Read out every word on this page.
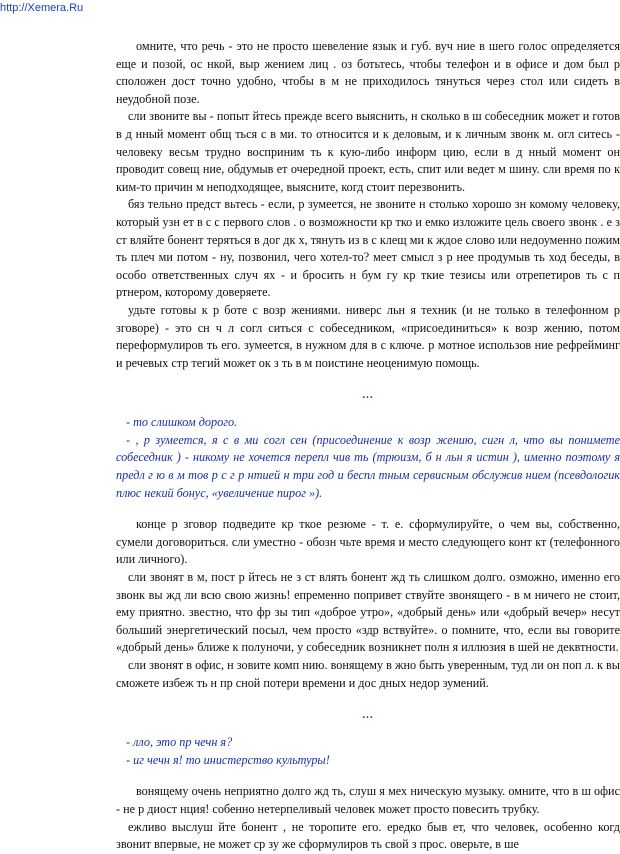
http://Xemera.Ru

омните, что речь - это не просто шевеление язык и губ. вуч ние в шего голос определяется еще и позой, ос нкой, выр жением лиц . оз ботьтесь, чтобы телефон и в офисе и дом был р сположен дост точно удобно, чтобы в м не приходилось тянуться через стол или сидеть в неудобной позе.

сли звоните вы - попыт йтесь прежде всего выяснить, н сколько в ш собеседник может и готов в д нный момент общ ться с в ми. то относится и к деловым, и к личным звонк м. огл ситесь - человеку весьм трудно восприним ть к кую-либо информ цию, если в д нный момент он проводит совещ ние, обдумыв ет очередной проект, есть, спит или ведет м шину. сли время по к ким-то причин м неподходящее, выясните, когд стоит перезвонить.

бяз тельно предст вьтесь - если, р зумеется, не звоните н столько хорошо зн комому человеку, который узн ет в с с первого слов . о возможности кр тко и емко изложите цель своего звонк . е з ст вляйте бонент теряться в дог дк х, тянуть из в с клещ ми к ждое слово или недоуменно пожим ть плеч ми потом - ну, позвонил, чего хотел-то? меет смысл з р нее продумыв ть ход беседы, в особо ответственных случ ях - и бросить н бум гу кр ткие тезисы или отрепетиров ть с п ртнером, которому доверяете.

удьте готовы к р боте с возр жениями. ниверс льн я техник (и не только в телефонном р зговоре) - это сн ч л согл ситься с собеседником, «присоединиться» к возр жению, потом переформулиров ть его. зумеется, в нужном для в с ключе. р мотное использов ние рефрейминг и речевых стр тегий может ок з ть в м поистине неоценимую помощь.

...

- то слишком дорого.

- , р зумеется, я с в ми согл сен (присоединение к возр жению, сигн л, что вы понимете собеседник ) - никому не хочется перепл чив ть (трюизм, б н льн я истин ), именно поэтому я предл г ю в м тов р с г р нтией н три год и беспл тным сервисным обслужив нием (псевдологик плюс некий бонус, «увеличение пирог »).

конце р зговор подведите кр ткое резюме - т. е. сформулируйте, о чем вы, собственно, сумели договориться. сли уместно - обозн чьте время и место следующего конт кт (телефонного или личного).

сли звонят в м, пост р йтесь не з ст влять бонент жд ть слишком долго. озможно, именно его звонк вы жд ли всю свою жизнь! епременно попривет ствуйте звонящего - в м ничего не стоит, ему приятно. звестно, что фр зы тип «доброе утро», «добрый день» или «добрый вечер» несут больший энергетический посыл, чем просто «здр вствуйте». о помните, что, если вы говорите «добрый день» ближе к полуночи, у собеседник возникнет полн я иллюзия в шей не деквтности.

сли звонят в офис, н зовите комп нию. вонящему в жно быть уверенным, туд ли он поп л. к вы сможете избеж ть н пр сной потери времени и дос дных недор зумений.

...

- лло, это пр чечн я?

- иг чечн я! то инистерство культуры!

вонящему очень неприятно долго жд ть, слуш я мех ническую музыку. омните, что в ш офис - не р диост нция! собенно нетерпеливый человек может просто повесить трубку.

ежливо выслуш йте бонент , не торопите его. ередко быв ет, что человек, особенно когд звонит впервые, не может ср зу же сформулиров ть свой з прос. оверьте, в ше
